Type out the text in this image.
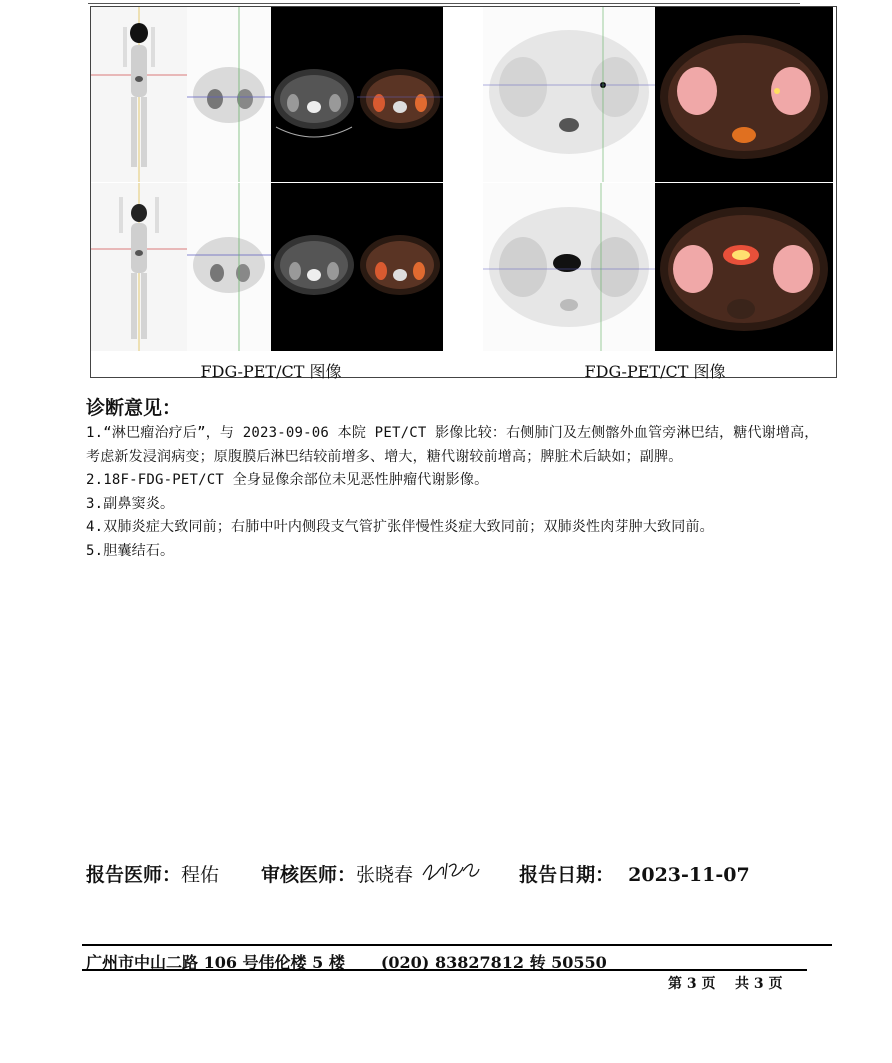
FDG-PET/CT 图像	FDG-PET/CT 图像
诊断意见：

1.“淋巴瘤治疗后”，与 2023-09-06 本院 PET/CT 影像比较：右侧肺门及左侧髂外血管旁淋巴结，糖代谢增高，考虑新发浸润病变；原腹膜后淋巴结较前增多、增大，糖代谢较前增高；脾脏术后缺如；副脾。

2.18F-FDG-PET/CT 全身显像余部位未见恶性肿瘤代谢影像。

3.副鼻窦炎。

4.双肺炎症大致同前；右肺中叶内侧段支气管扩张伴慢性炎症大致同前；双肺炎性肉芽肿大致同前。

5.胆囊结石。

报告医师：程佑 审核医师：张晓春	报告日期： 2023-11-07
广州市中山二路 106 号伟伦楼 5 楼 (020) 83827812 转 50550
第 3 页    共 3 页
